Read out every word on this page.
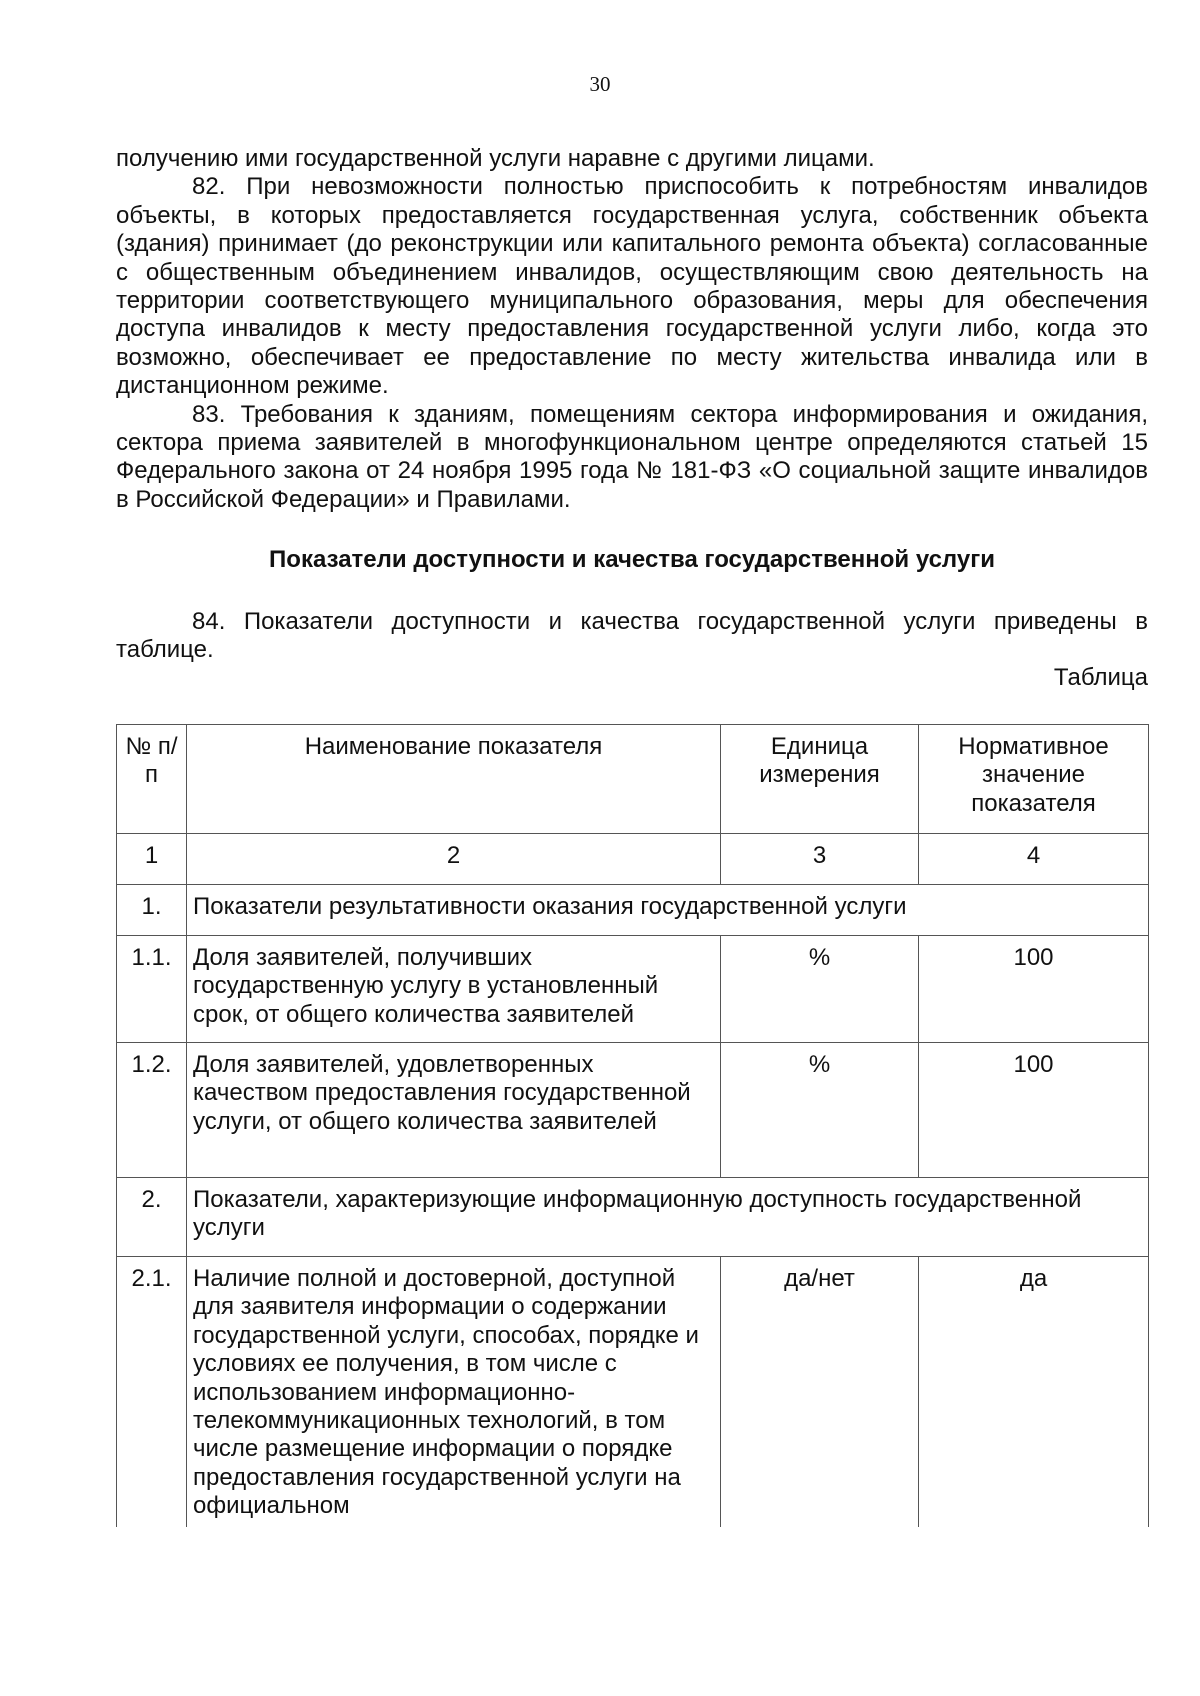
30

получению ими государственной услуги наравне с другими лицами.

82. При невозможности полностью приспособить к потребностям инвалидов объекты, в которых предоставляется государственная услуга, собственник объекта (здания) принимает (до реконструкции или капитального ремонта объекта) согласованные с общественным объединением инвалидов, осуществляющим свою деятельность на территории соответствующего муниципального образования, меры для обеспечения доступа инвалидов к месту предоставления государственной услуги либо, когда это возможно, обеспечивает ее предоставление по месту жительства инвалида или в дистанционном режиме.

83. Требования к зданиям, помещениям сектора информирования и ожидания, сектора приема заявителей в многофункциональном центре определяются статьей 15 Федерального закона от 24 ноября 1995 года № 181-ФЗ «О социальной защите инвалидов в Российской Федерации» и Правилами.

Показатели доступности и качества государственной услуги

84. Показатели доступности и качества государственной услуги приведены в таблице.

Таблица
№ п/п	Наименование показателя	Единица измерения	Нормативное значение показателя
1	2	3	4
1.	Показатели результативности оказания государственной услуги		
1.1.	Доля заявителей, получивших государственную услугу в установленный срок, от общего количества заявителей	%	100
1.2.	Доля заявителей, удовлетворенных качеством предоставления государственной услуги, от общего количества заявителей	%	100
2.	Показатели, характеризующие информационную доступность государственной услуги		
2.1.	Наличие полной и достоверной, доступной для заявителя информации о содержании государственной услуги, способах, порядке и условиях ее получения, в том числе с использованием информационно-телекоммуникационных технологий, в том числе размещение информации о порядке предоставления государственной услуги на официальном	да/нет	да
